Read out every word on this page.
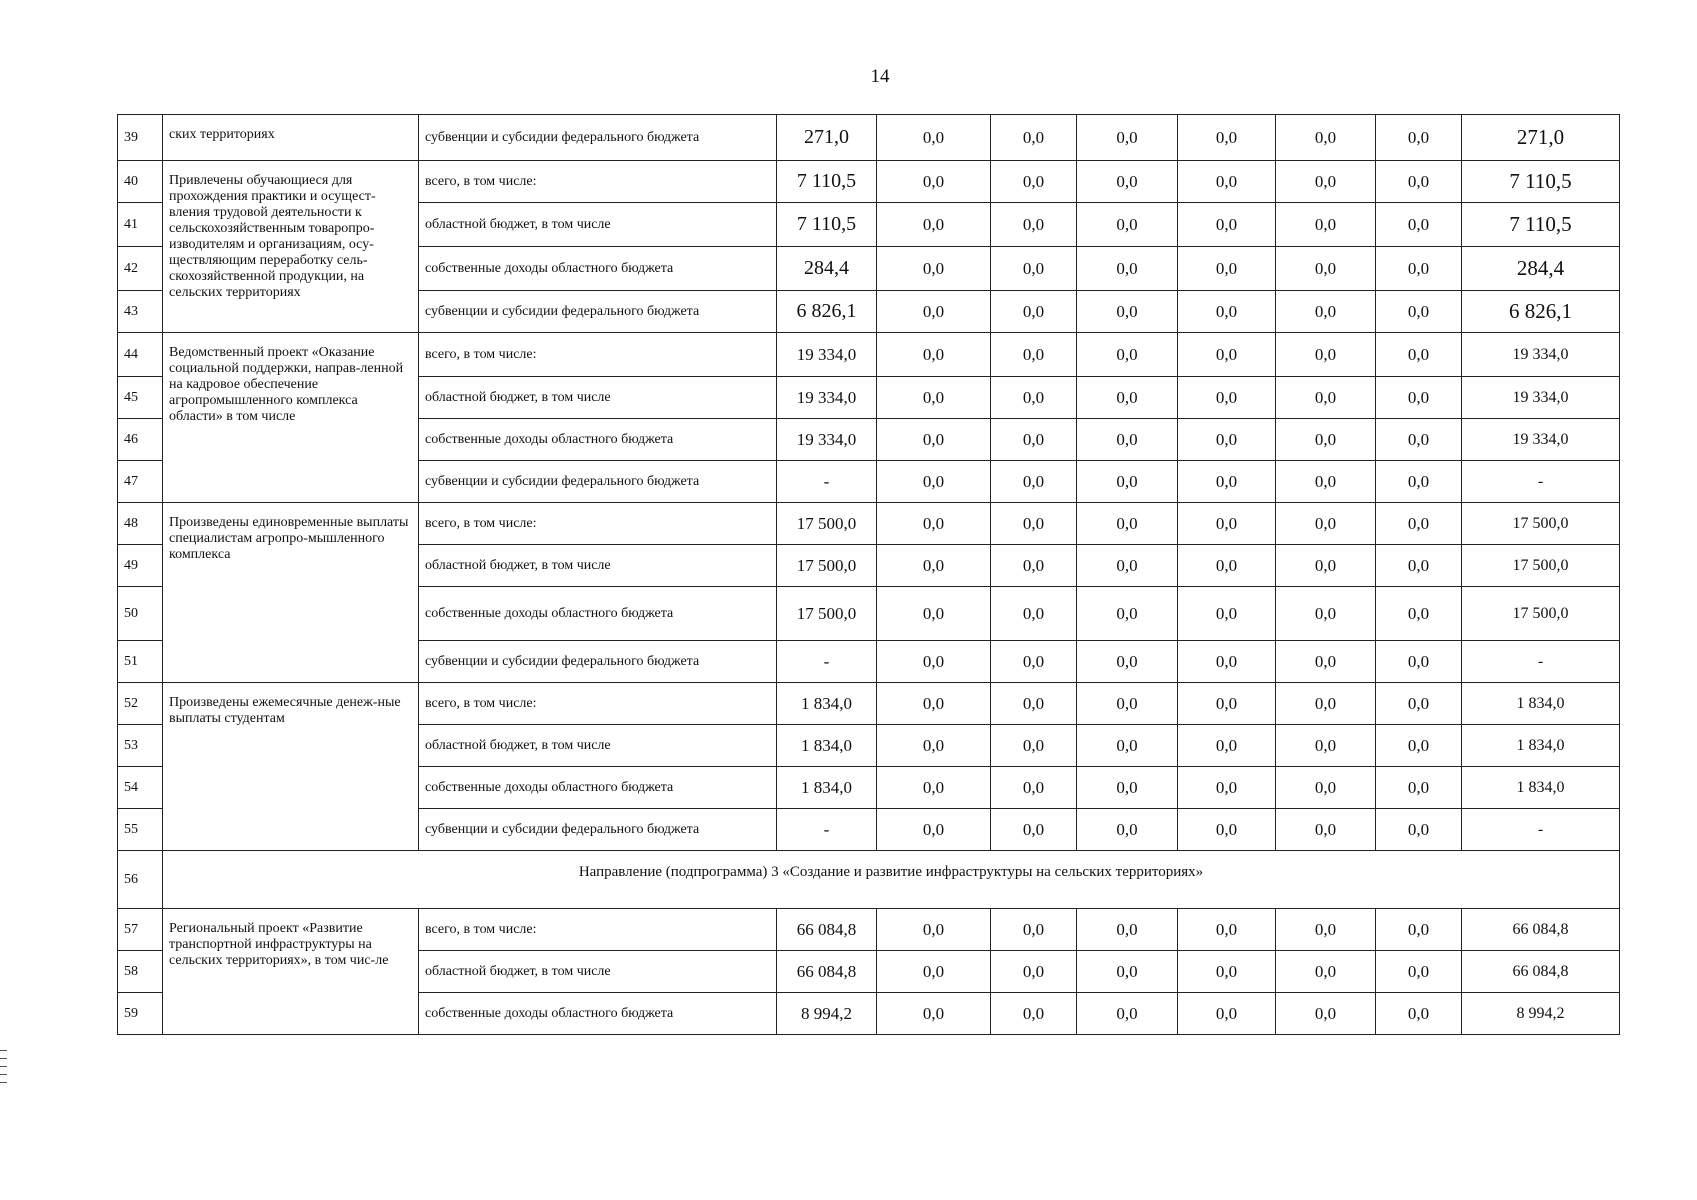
14
39	ских территориях	субвенции и субсидии федерального бюджета	271,0	0,0	0,0	0,0	0,0	0,0	0,0	271,0
40	Привлечены обучающиеся для прохождения практики и осущест-вления трудовой деятельности к сельскохозяйственным товаропро-изводителям и организациям, осу-ществляющим переработку сель-скохозяйственной продукции, на сельских территориях	всего, в том числе:	7 110,5	0,0	0,0	0,0	0,0	0,0	0,0	7 110,5
41		областной бюджет, в том числе	7 110,5	0,0	0,0	0,0	0,0	0,0	0,0	7 110,5
42		собственные доходы областного бюджета	284,4	0,0	0,0	0,0	0,0	0,0	0,0	284,4
43		субвенции и субсидии федерального бюджета	6 826,1	0,0	0,0	0,0	0,0	0,0	0,0	6 826,1
44	Ведомственный проект «Оказание социальной поддержки, направ-ленной на кадровое обеспечение агропромышленного комплекса области» в том числе	всего, в том числе:	19 334,0	0,0	0,0	0,0	0,0	0,0	0,0	19 334,0
45		областной бюджет, в том числе	19 334,0	0,0	0,0	0,0	0,0	0,0	0,0	19 334,0
46		собственные доходы областного бюджета	19 334,0	0,0	0,0	0,0	0,0	0,0	0,0	19 334,0
47		субвенции и субсидии федерального бюджета	-	0,0	0,0	0,0	0,0	0,0	0,0	-
48	Произведены единовременные выплаты специалистам агропро-мышленного комплекса	всего, в том числе:	17 500,0	0,0	0,0	0,0	0,0	0,0	0,0	17 500,0
49		областной бюджет, в том числе	17 500,0	0,0	0,0	0,0	0,0	0,0	0,0	17 500,0
50		собственные доходы областного бюджета	17 500,0	0,0	0,0	0,0	0,0	0,0	0,0	17 500,0
51		субвенции и субсидии федерального бюджета	-	0,0	0,0	0,0	0,0	0,0	0,0	-
52	Произведены ежемесячные денеж-ные выплаты студентам	всего, в том числе:	1 834,0	0,0	0,0	0,0	0,0	0,0	0,0	1 834,0
53		областной бюджет, в том числе	1 834,0	0,0	0,0	0,0	0,0	0,0	0,0	1 834,0
54		собственные доходы областного бюджета	1 834,0	0,0	0,0	0,0	0,0	0,0	0,0	1 834,0
55		субвенции и субсидии федерального бюджета	-	0,0	0,0	0,0	0,0	0,0	0,0	-
56	Направление (подпрограмма) 3 «Создание и развитие инфраструктуры на сельских территориях»									
57	Региональный проект «Развитие транспортной инфраструктуры на сельских территориях», в том чис-ле	всего, в том числе:	66 084,8	0,0	0,0	0,0	0,0	0,0	0,0	66 084,8
58		областной бюджет, в том числе	66 084,8	0,0	0,0	0,0	0,0	0,0	0,0	66 084,8
59		собственные доходы областного бюджета	8 994,2	0,0	0,0	0,0	0,0	0,0	0,0	8 994,2
